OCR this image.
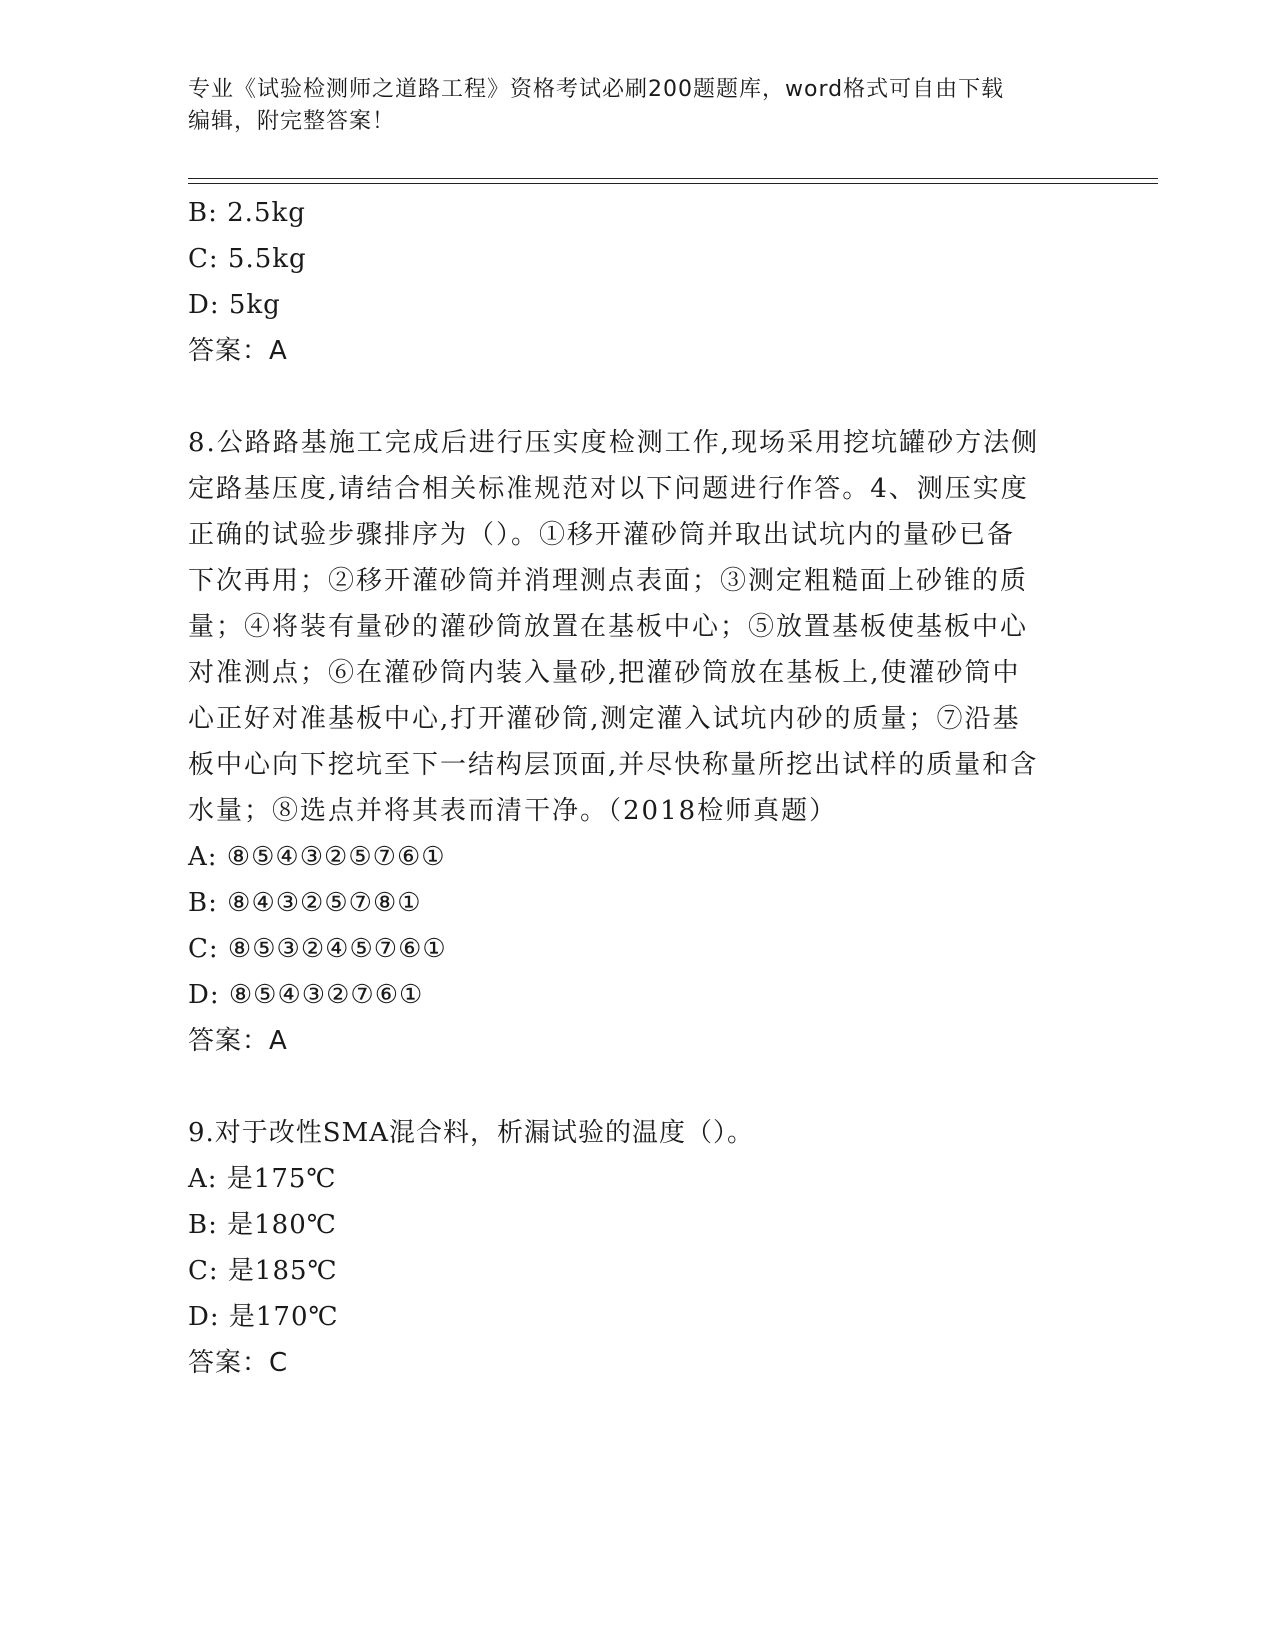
专业《试验检测师之道路工程》资格考试必刷200题题库，word格式可自由下载
编辑，附完整答案！
B: 2.5kg
C: 5.5kg
D: 5kg
答案：A
8.公路路基施工完成后进行压实度检测工作,现场采用挖坑罐砂方法侧
定路基压度,请结合相关标准规范对以下问题进行作答。4、测压实度
正确的试验步骤排序为（）。①移开灌砂筒并取出试坑内的量砂已备
下次再用；②移开灌砂筒并消理测点表面；③测定粗糙面上砂锥的质
量；④将装有量砂的灌砂筒放置在基板中心；⑤放置基板使基板中心
对准测点；⑥在灌砂筒内装入量砂,把灌砂筒放在基板上,使灌砂筒中
心正好对准基板中心,打开灌砂筒,测定灌入试坑内砂的质量；⑦沿基
板中心向下挖坑至下一结构层顶面,并尽快称量所挖出试样的质量和含
水量；⑧选点并将其表而清干净。（2018检师真题）
A: ⑧⑤④③②⑤⑦⑥①
B: ⑧④③②⑤⑦⑧①
C: ⑧⑤③②④⑤⑦⑥①
D: ⑧⑤④③②⑦⑥①
答案：A
9.对于改性SMA混合料，析漏试验的温度（）。
A: 是175℃
B: 是180℃
C: 是185℃
D: 是170℃
答案：C
